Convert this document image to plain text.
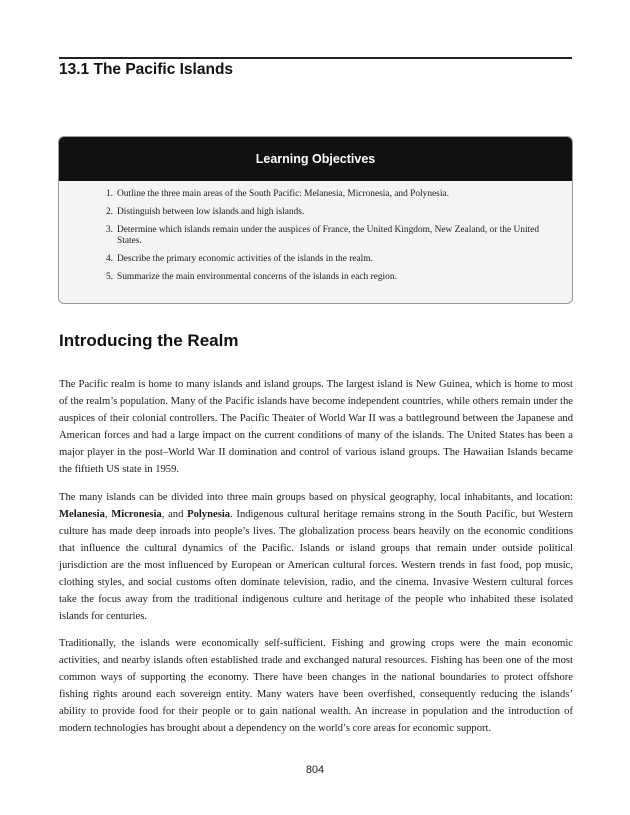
13.1 The Pacific Islands
Learning Objectives
1. Outline the three main areas of the South Pacific: Melanesia, Micronesia, and Polynesia.
2. Distinguish between low islands and high islands.
3. Determine which islands remain under the auspices of France, the United Kingdom, New Zealand, or the United States.
4. Describe the primary economic activities of the islands in the realm.
5. Summarize the main environmental concerns of the islands in each region.
Introducing the Realm

The Pacific realm is home to many islands and island groups. The largest island is New Guinea, which is home to most of the realm’s population. Many of the Pacific islands have become independent countries, while others remain under the auspices of their colonial controllers. The Pacific Theater of World War II was a battleground between the Japanese and American forces and had a large impact on the current conditions of many of the islands. The United States has been a major player in the post–World War II domination and control of various island groups. The Hawaiian Islands became the fiftieth US state in 1959.

The many islands can be divided into three main groups based on physical geography, local inhabitants, and location: Melanesia, Micronesia, and Polynesia. Indigenous cultural heritage remains strong in the South Pacific, but Western culture has made deep inroads into people’s lives. The globalization process bears heavily on the economic conditions that influence the cultural dynamics of the Pacific. Islands or island groups that remain under outside political jurisdiction are the most influenced by European or American cultural forces. Western trends in fast food, pop music, clothing styles, and social customs often dominate television, radio, and the cinema. Invasive Western cultural forces take the focus away from the traditional indigenous culture and heritage of the people who inhabited these isolated islands for centuries.

Traditionally, the islands were economically self-sufficient. Fishing and growing crops were the main economic activities, and nearby islands often established trade and exchanged natural resources. Fishing has been one of the most common ways of supporting the economy. There have been changes in the national boundaries to protect offshore fishing rights around each sovereign entity. Many waters have been overfished, consequently reducing the islands’ ability to provide food for their people or to gain national wealth. An increase in population and the introduction of modern technologies has brought about a dependency on the world’s core areas for economic support.

804
